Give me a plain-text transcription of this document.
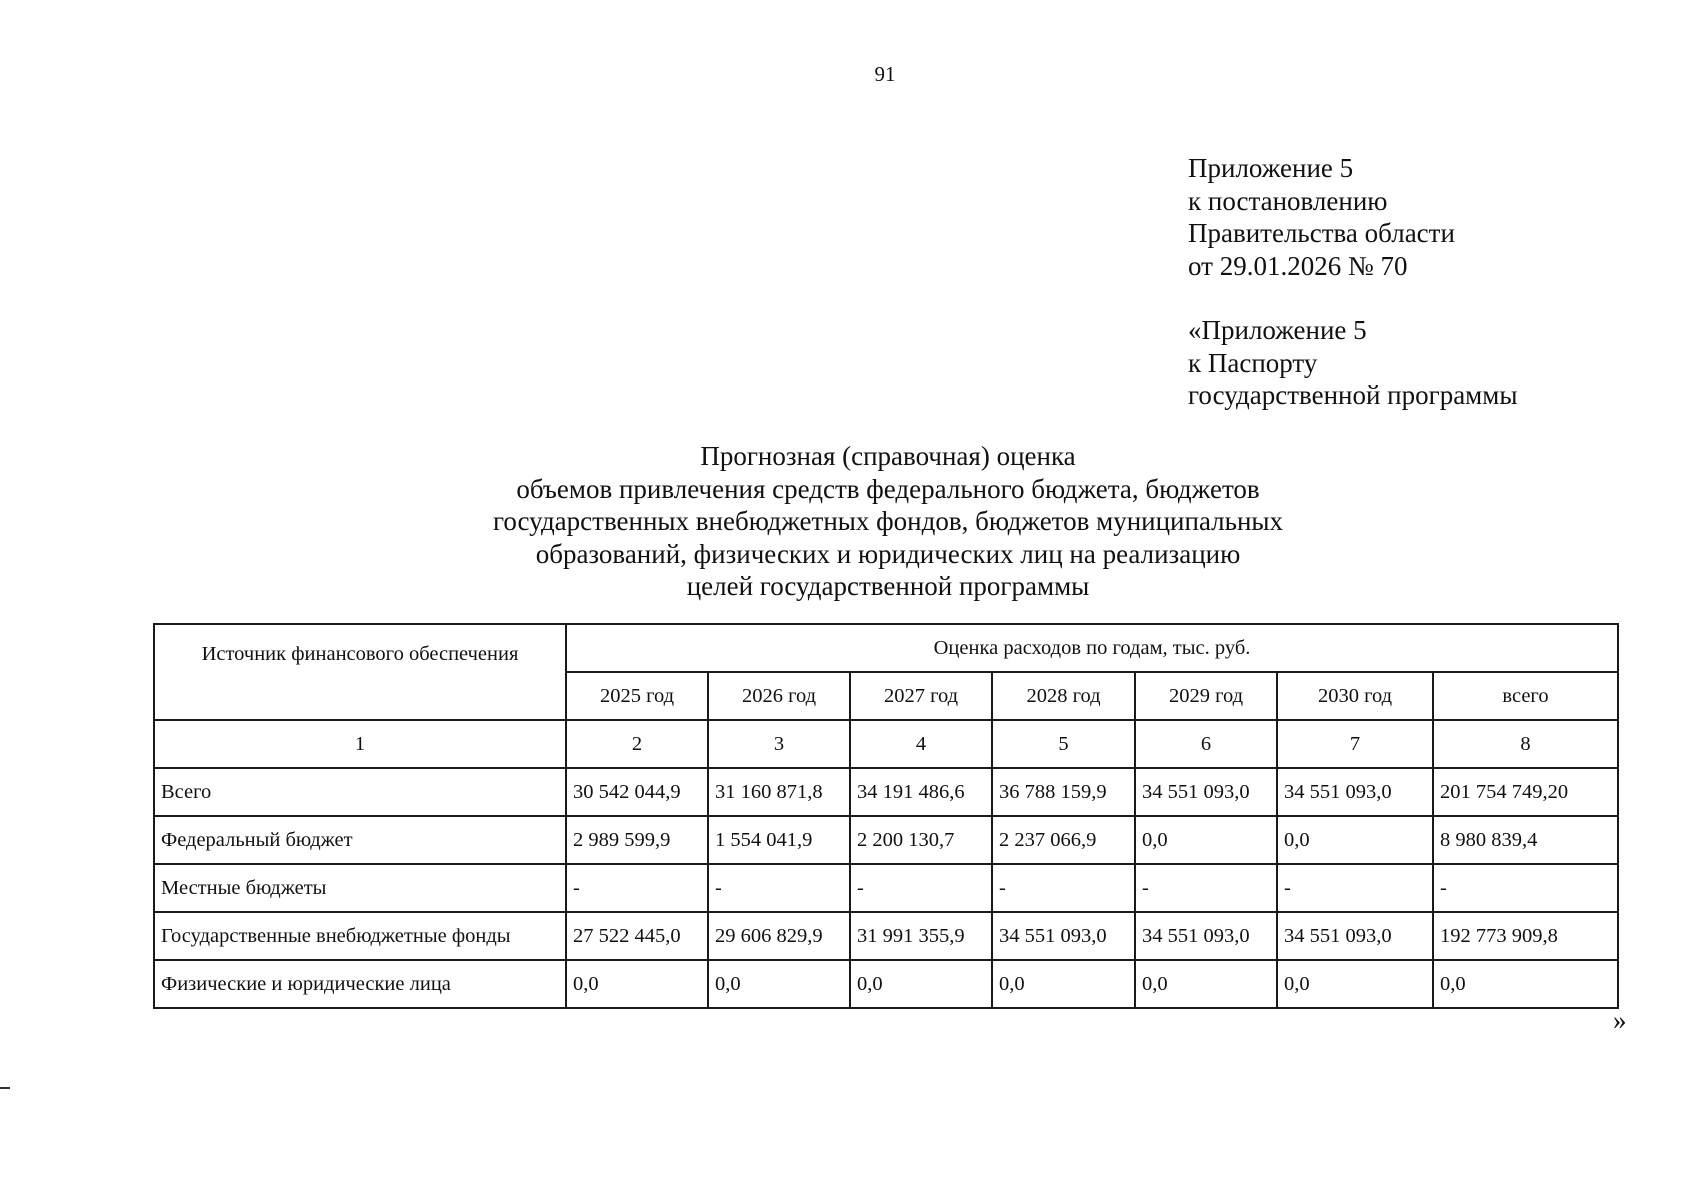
91
Приложение 5
к постановлению
Правительства области
от 29.01.2026 № 70
«Приложение 5
к Паспорту
государственной программы
Прогнозная (справочная) оценка
объемов привлечения средств федерального бюджета, бюджетов
государственных внебюджетных фондов, бюджетов муниципальных
образований, физических и юридических лиц на реализацию
целей государственной программы
Источник финансового обеспечения	Оценка расходов по годам, тыс. руб.						
	2025 год	2026 год	2027 год	2028 год	2029 год	2030 год	всего
1	2	3	4	5	6	7	8
Всего	30 542 044,9	31 160 871,8	34 191 486,6	36 788 159,9	34 551 093,0	34 551 093,0	201 754 749,20
Федеральный бюджет	2 989 599,9	1 554 041,9	2 200 130,7	2 237 066,9	0,0	0,0	8 980 839,4
Местные бюджеты	-	-	-	-	-	-	-
Государственные внебюджетные фонды	27 522 445,0	29 606 829,9	31 991 355,9	34 551 093,0	34 551 093,0	34 551 093,0	192 773 909,8
Физические и юридические лица	0,0	0,0	0,0	0,0	0,0	0,0	0,0
»
